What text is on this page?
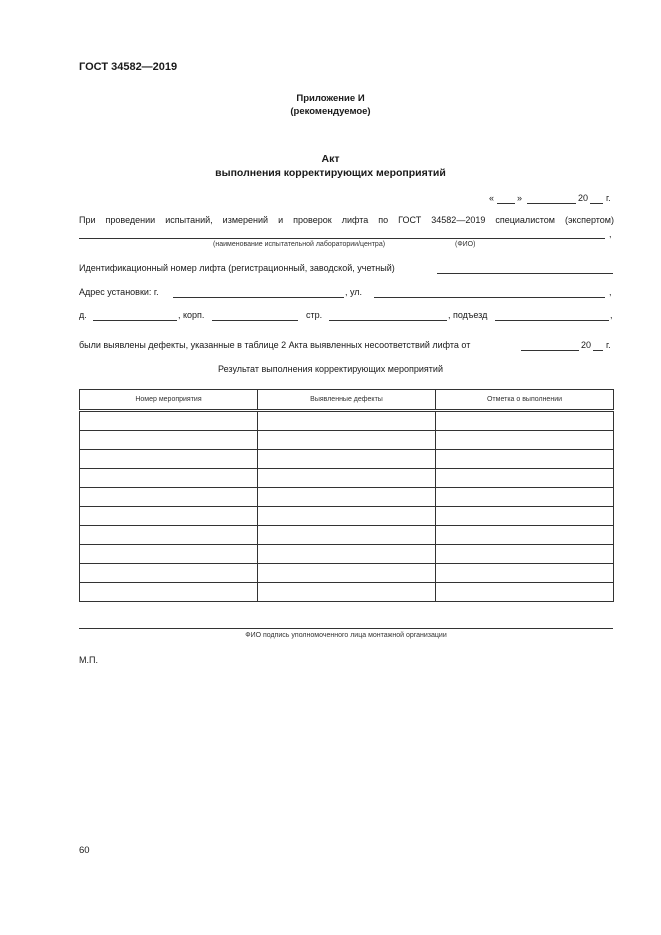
ГОСТ 34582—2019
Приложение И
(рекомендуемое)
Акт
выполнения корректирующих мероприятий
«	»	20 г.
При проведении испытаний, измерений и проверок лифта по ГОСТ 34582—2019 специалистом (экспертом)
,
(наименование испытательной лаборатории/центра)	(ФИО)
Идентификационный номер лифта (регистрационный, заводской, учетный)
Адрес установки: г.	, ул.	,
д.	, корп.	стр.	, подъезд	,
были выявлены дефекты, указанные в таблице 2 Акта выявленных несоответствий лифта от	20 г.
Результат выполнения корректирующих мероприятий
Номер мероприятия	Выявленные дефекты	Отметка о выполнении

ФИО подпись уполномоченного лица монтажной организации
М.П.
60
